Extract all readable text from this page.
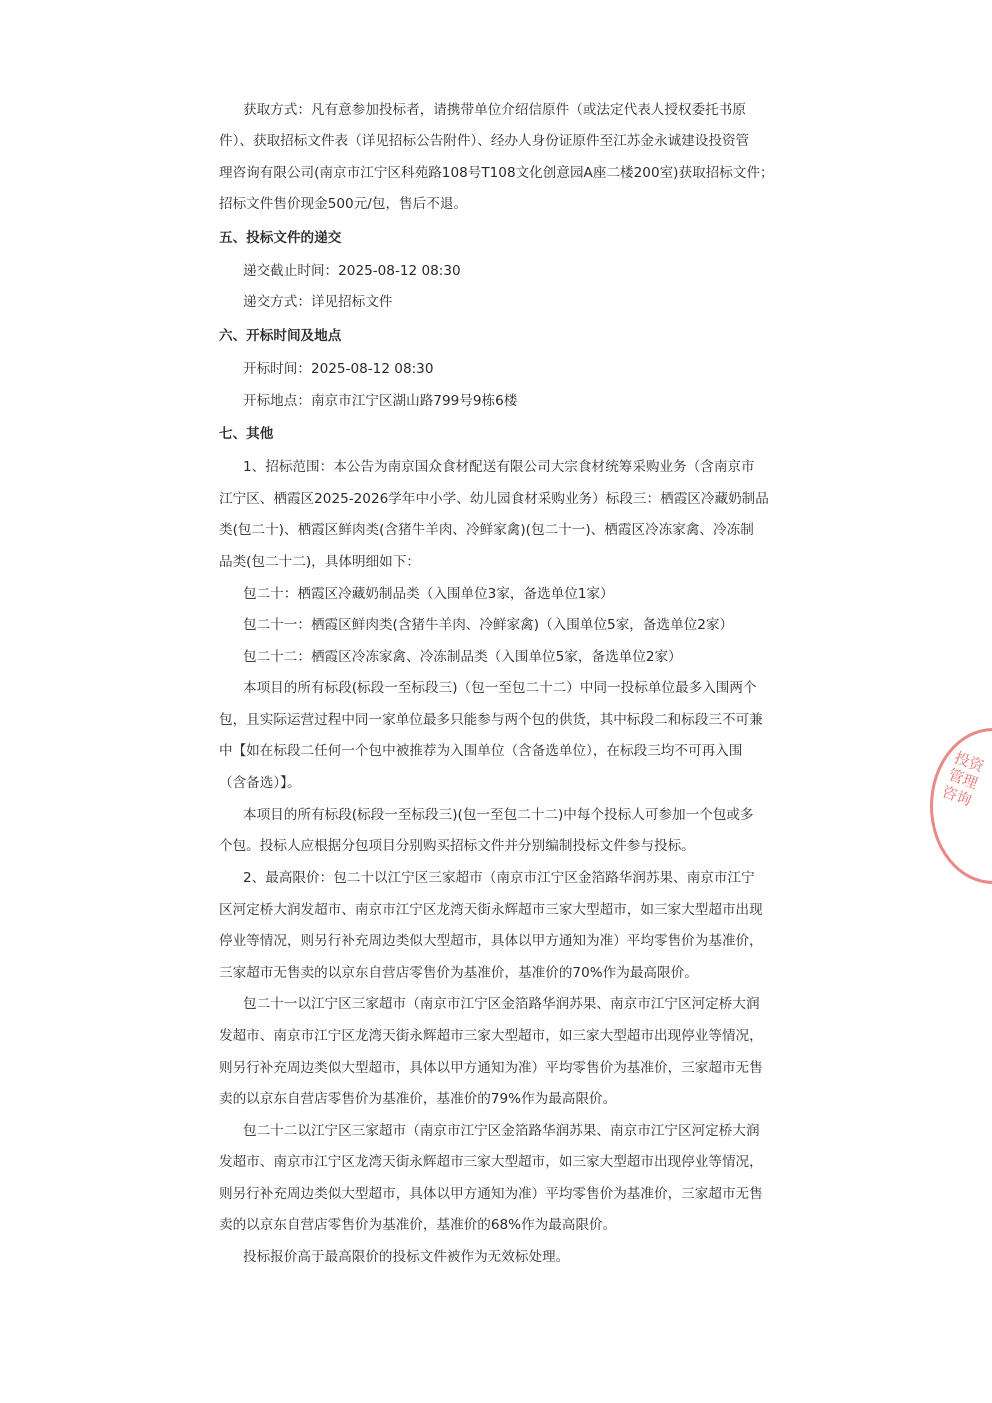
获取方式：凡有意参加投标者，请携带单位介绍信原件（或法定代表人授权委托书原
件）、获取招标文件表（详见招标公告附件）、经办人身份证原件至江苏金永诚建设投资管
理咨询有限公司(南京市江宁区科苑路108号T108文化创意园A座二楼200室)获取招标文件；
招标文件售价现金500元/包，售后不退。
五、投标文件的递交
递交截止时间：2025-08-12 08:30
递交方式：详见招标文件
六、开标时间及地点
开标时间：2025-08-12 08:30
开标地点：南京市江宁区湖山路799号9栋6楼
七、其他
1、招标范围：本公告为南京国众食材配送有限公司大宗食材统筹采购业务（含南京市
江宁区、栖霞区2025-2026学年中小学、幼儿园食材采购业务）标段三：栖霞区冷藏奶制品
类(包二十)、栖霞区鲜肉类(含猪牛羊肉、冷鲜家禽)(包二十一)、栖霞区冷冻家禽、冷冻制
品类(包二十二)，具体明细如下：
包二十：栖霞区冷藏奶制品类（入围单位3家，备选单位1家）
包二十一：栖霞区鲜肉类(含猪牛羊肉、冷鲜家禽)（入围单位5家，备选单位2家）
包二十二：栖霞区冷冻家禽、冷冻制品类（入围单位5家，备选单位2家）
本项目的所有标段(标段一至标段三)（包一至包二十二）中同一投标单位最多入围两个
包，且实际运营过程中同一家单位最多只能参与两个包的供货，其中标段二和标段三不可兼
中【如在标段二任何一个包中被推荐为入围单位（含备选单位），在标段三均不可再入围
（含备选）】。
本项目的所有标段(标段一至标段三)(包一至包二十二)中每个投标人可参加一个包或多
个包。投标人应根据分包项目分别购买招标文件并分别编制投标文件参与投标。
2、最高限价：包二十以江宁区三家超市（南京市江宁区金箔路华润苏果、南京市江宁
区河定桥大润发超市、南京市江宁区龙湾天街永辉超市三家大型超市，如三家大型超市出现
停业等情况，则另行补充周边类似大型超市，具体以甲方通知为准）平均零售价为基准价，
三家超市无售卖的以京东自营店零售价为基准价，基准价的70%作为最高限价。
包二十一以江宁区三家超市（南京市江宁区金箔路华润苏果、南京市江宁区河定桥大润
发超市、南京市江宁区龙湾天街永辉超市三家大型超市，如三家大型超市出现停业等情况，
则另行补充周边类似大型超市，具体以甲方通知为准）平均零售价为基准价，三家超市无售
卖的以京东自营店零售价为基准价，基准价的79%作为最高限价。
包二十二以江宁区三家超市（南京市江宁区金箔路华润苏果、南京市江宁区河定桥大润
发超市、南京市江宁区龙湾天街永辉超市三家大型超市，如三家大型超市出现停业等情况，
则另行补充周边类似大型超市，具体以甲方通知为准）平均零售价为基准价，三家超市无售
卖的以京东自营店零售价为基准价，基准价的68%作为最高限价。
投标报价高于最高限价的投标文件被作为无效标处理。
投资管理咨询
